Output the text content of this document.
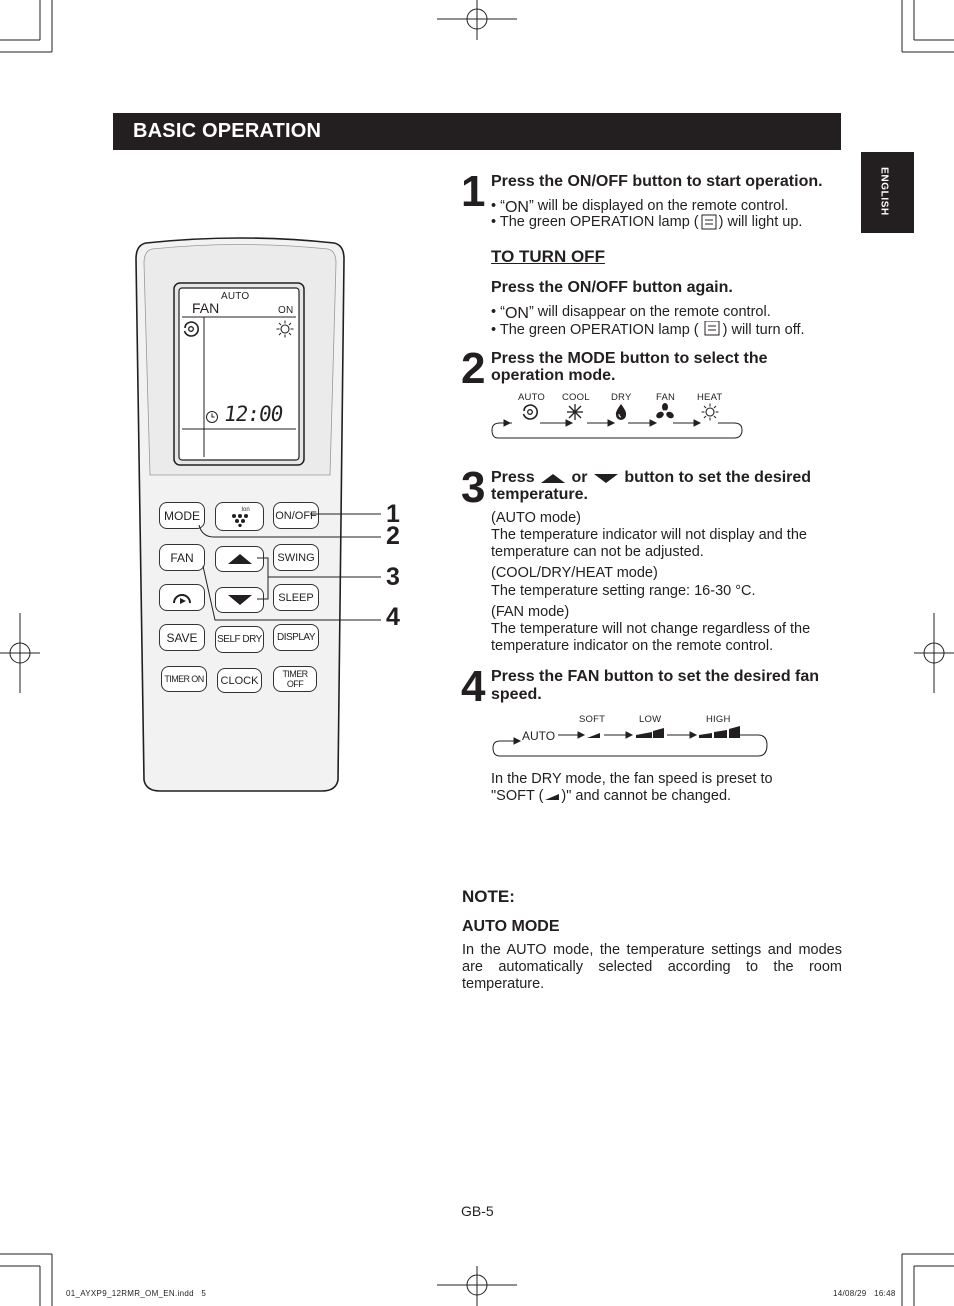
BASIC OPERATION
ENGLISH
AUTO
FAN	ON
12:00
MODE	Ion ON/OFF
FAN	SWING
SLEEP
SAVE	SELF DRY	DISPLAY
TIMER ON	CLOCK
TIMER OFF
1
2
3
4
1 Press the ON/OFF button to start operation.
• “ON” will be displayed on the remote control.
• The green OPERATION lamp ( ) will light up.
TO TURN OFF
Press the ON/OFF button again.
• “ON” will disappear on the remote control.
• The green OPERATION lamp ( ) will turn off.
2 Press the MODE button to select the
operation mode.
AUTO COOL DRY	FAN HEAT
3 Press or button to set the desired
temperature.
(AUTO mode)
The temperature indicator will not display and the
temperature can not be adjusted.
(COOL/DRY/HEAT mode)
The temperature setting range: 16-30 °C.
(FAN mode)
The temperature will not change regardless of the
temperature indicator on the remote control.
4 Press the FAN button to set the desired fan
speed.
SOFT	LOW	HIGH
AUTO
In the DRY mode, the fan speed is preset to
"SOFT ( )" and cannot be changed.
NOTE:
AUTO MODE
In the AUTO mode, the temperature settings and modes are automatically selected according to the room temperature.
GB-5
01_AYXP9_12RMR_OM_EN.indd   5	14/08/29   16:48
